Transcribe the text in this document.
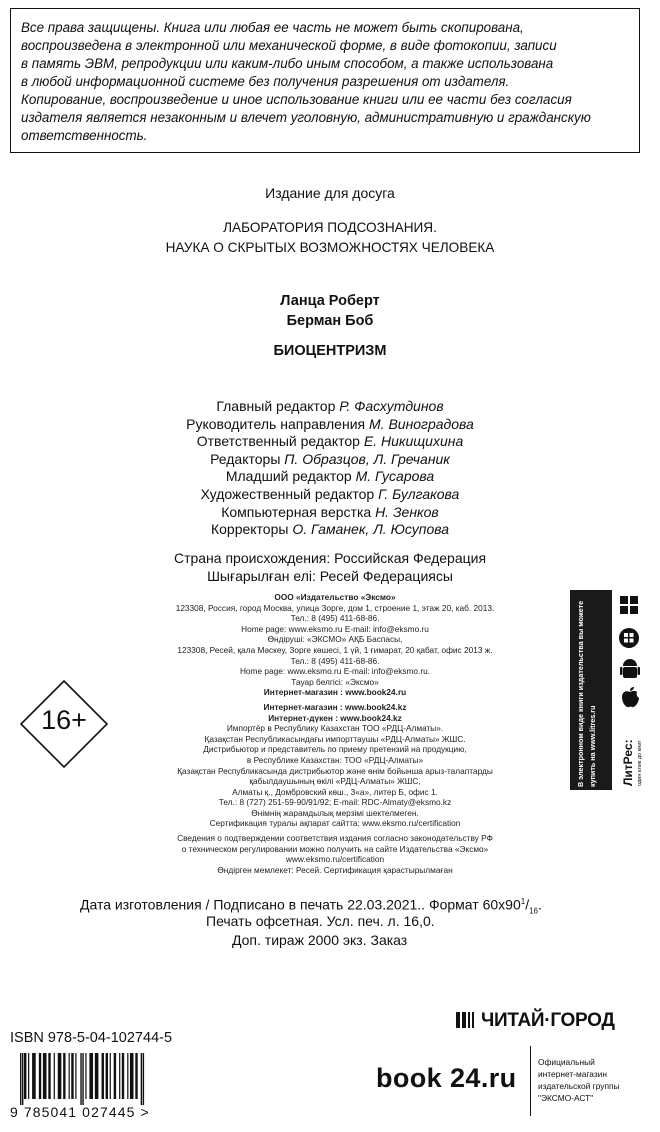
Все права защищены. Книга или любая ее часть не может быть скопирована,
воспроизведена в электронной или механической форме, в виде фотокопии, записи
в память ЭВМ, репродукции или каким-либо иным способом, а также использована
в любой информационной системе без получения разрешения от издателя.
Копирование, воспроизведение и иное использование книги или ее части без согласия
издателя является незаконным и влечет уголовную, административную и гражданскую
ответственность.
Издание для досуга
ЛАБОРАТОРИЯ ПОДСОЗНАНИЯ.
НАУКА О СКРЫТЫХ ВОЗМОЖНОСТЯХ ЧЕЛОВЕКА
Ланца Роберт
Берман Боб
БИОЦЕНТРИЗМ
Главный редактор Р. Фасхутдинов
Руководитель направления М. Виноградова
Ответственный редактор Е. Никищихина
Редакторы П. Образцов, Л. Гречаник
Младший редактор М. Гусарова
Художественный редактор Г. Булгакова
Компьютерная верстка Н. Зенков
Корректоры О. Гаманек, Л. Юсупова
Страна происхождения: Российская Федерация
Шығарылған елі: Ресей Федерациясы
ООО «Издательство «Эксмо»
123308, Россия, город Москва, улица Зорге, дом 1, строение 1, этаж 20, каб. 2013.
Тел.: 8 (495) 411-68-86.
Home page: www.eksmo.ru E-mail: info@eksmo.ru
Өндіруші: «ЭКСМО» АҚБ Баспасы,
123308, Ресей, қала Мәскеу, Зорге көшесі, 1 үй, 1 ғимарат, 20 қабат, офис 2013 ж.
Тел.: 8 (495) 411-68-86.
Home page: www.eksmo.ru E-mail: info@eksmo.ru.
Тауар белгісі: «Эксмо»
Интернет-магазин : www.book24.ru
Интернет-магазин : www.book24.kz
Интернет-дүкен : www.book24.kz
Импортёр в Республику Казахстан ТОО «РДЦ-Алматы».
Қазақстан Республикасындағы импорттаушы «РДЦ-Алматы» ЖШС.
Дистрибьютор и представитель по приему претензий на продукцию,
в Республике Казахстан: ТОО «РДЦ-Алматы»
Қазақстан Республикасында дистрибьютор және өнім бойынша арыз-талаптарды
қабылдаушының өкілі «РДЦ-Алматы» ЖШС,
Алматы қ., Домбровский көш., 3«а», литер Б, офис 1.
Тел.: 8 (727) 251-59-90/91/92; E-mail: RDC-Almaty@eksmo.kz
Өнімнің жарамдылық мерзімі шектелмеген.
Сертификация туралы ақпарат сайтта: www.eksmo.ru/certification
Сведения о подтверждении соответствия издания согласно законодательству РФ
о техническом регулировании можно получить на сайте Издательства «Эксмо»
www.eksmo.ru/certification
Өндірген мемлекет: Ресей. Сертификация қарастырылмаған
16+	В электронном виде книги издательства вы можете купить на www.litres.ru ЛитРес: один клик до книг
Дата изготовления / Подписано в печать 22.03.2021.. Формат $60x90^1/_{16}$.
Печать офсетная. Усл. печ. л. 16,0.
Доп. тираж 2000 экз. Заказ
ISBN 978-5-04-102744-5
9 785041 027445 >
ЧИТАЙ·ГОРОД
book 24.ru
Официальный
интернет-магазин
издательской группы
"ЭКСМО-АСТ"
